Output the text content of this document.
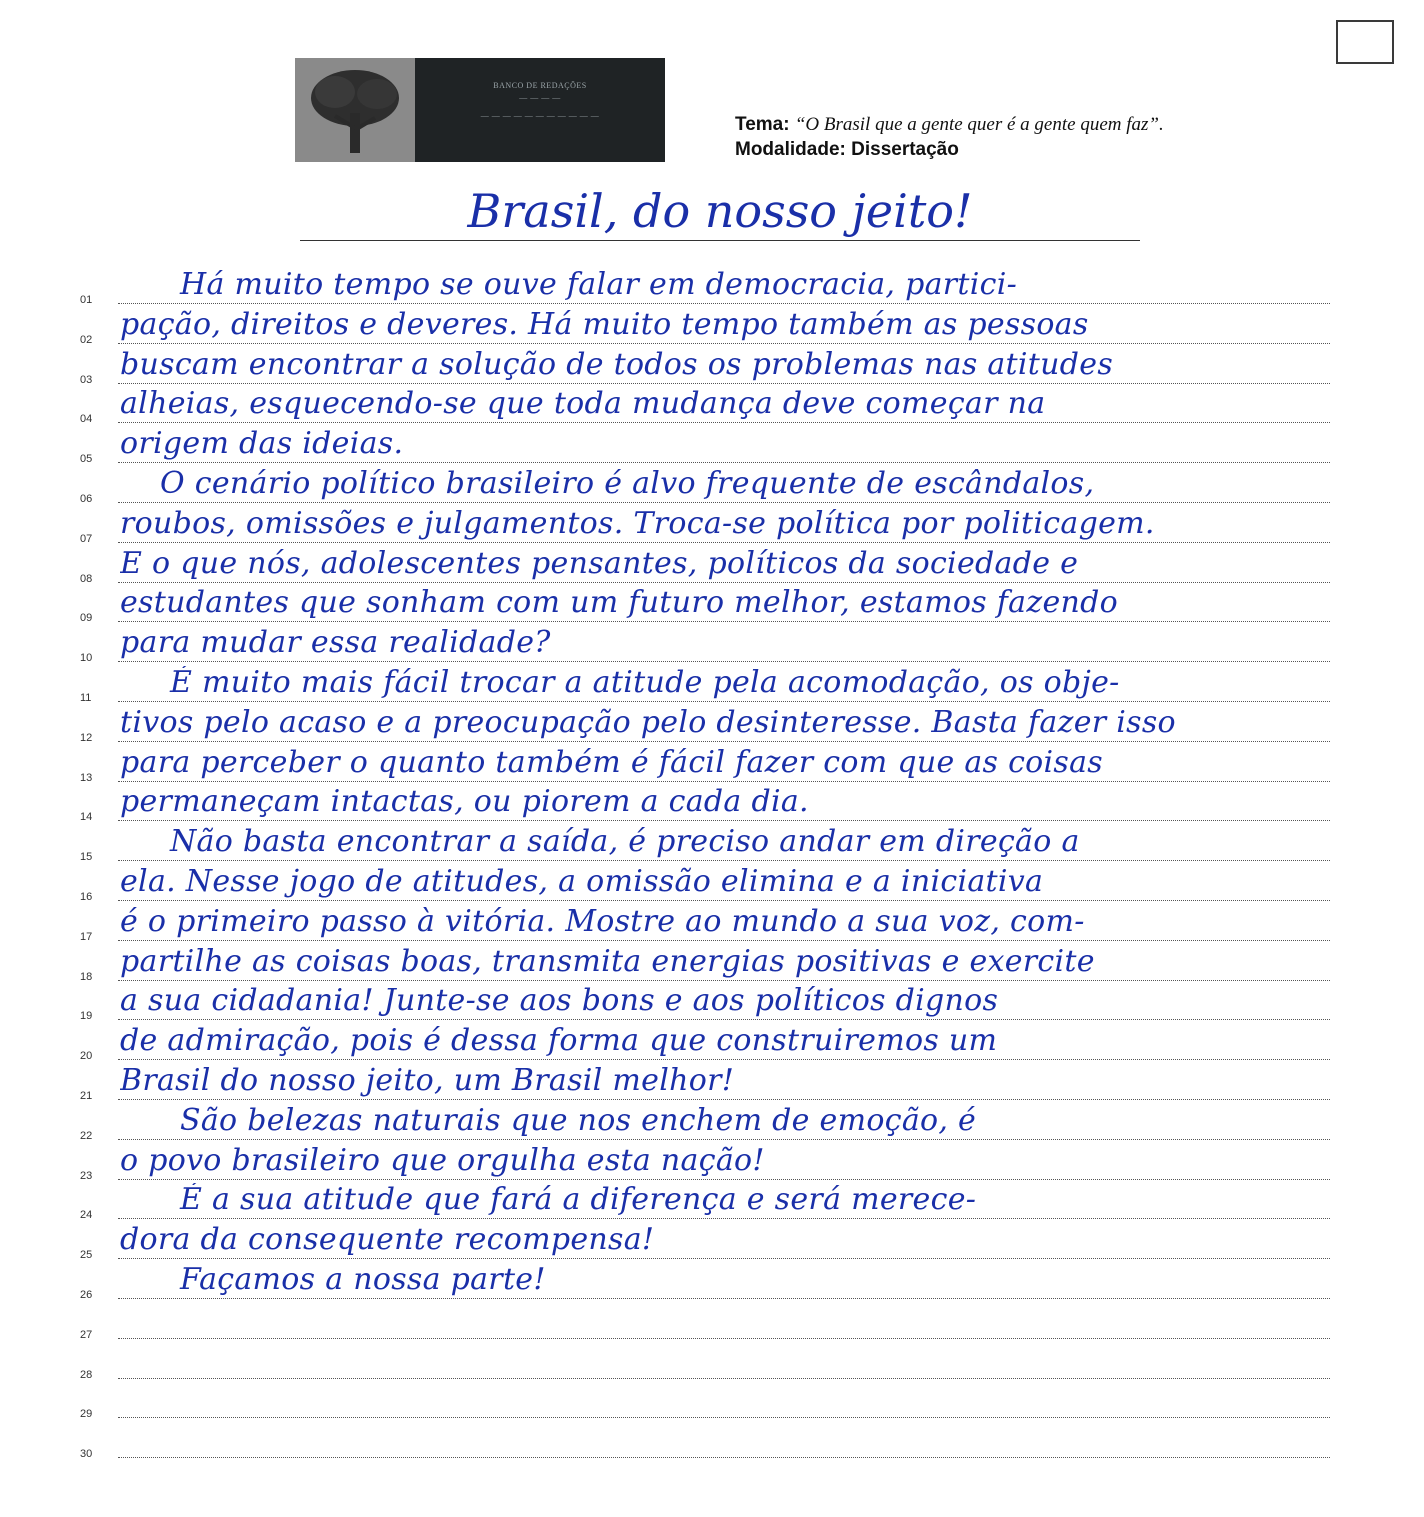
BANCO DE REDAÇÕES
— — — —
— — — — — — — — — — —	Tema: “O Brasil que a gente quer é a gente quem faz”.
Modalidade: Dissertação
Brasil, do nosso jeito!
01	Há muito tempo se ouve falar em democracia, partici-
02 pação, direitos e deveres. Há muito tempo também as pessoas
03 buscam encontrar a solução de todos os problemas nas atitudes
04 alheias, esquecendo-se que toda mudança deve começar na
05 origem das ideias.
06	O cenário político brasileiro é alvo frequente de escândalos,
07 roubos, omissões e julgamentos. Troca-se política por politicagem.
08 E o que nós, adolescentes pensantes, políticos da sociedade e
09 estudantes que sonham com um futuro melhor, estamos fazendo
10 para mudar essa realidade?
11	É muito mais fácil trocar a atitude pela acomodação, os obje-
12 tivos pelo acaso e a preocupação pelo desinteresse. Basta fazer isso
13 para perceber o quanto também é fácil fazer com que as coisas
14 permaneçam intactas, ou piorem a cada dia.
15	Não basta encontrar a saída, é preciso andar em direção a
16 ela. Nesse jogo de atitudes, a omissão elimina e a iniciativa
17 é o primeiro passo à vitória. Mostre ao mundo a sua voz, com-
18 partilhe as coisas boas, transmita energias positivas e exercite
19 a sua cidadania! Junte-se aos bons e aos políticos dignos
20 de admiração, pois é dessa forma que construiremos um
21 Brasil do nosso jeito, um Brasil melhor!
22	São belezas naturais que nos enchem de emoção, é
23 o povo brasileiro que orgulha esta nação!
24	É a sua atitude que fará a diferença e será merece-
25 dora da consequente recompensa!
26	Façamos a nossa parte!
27
28
29
30
